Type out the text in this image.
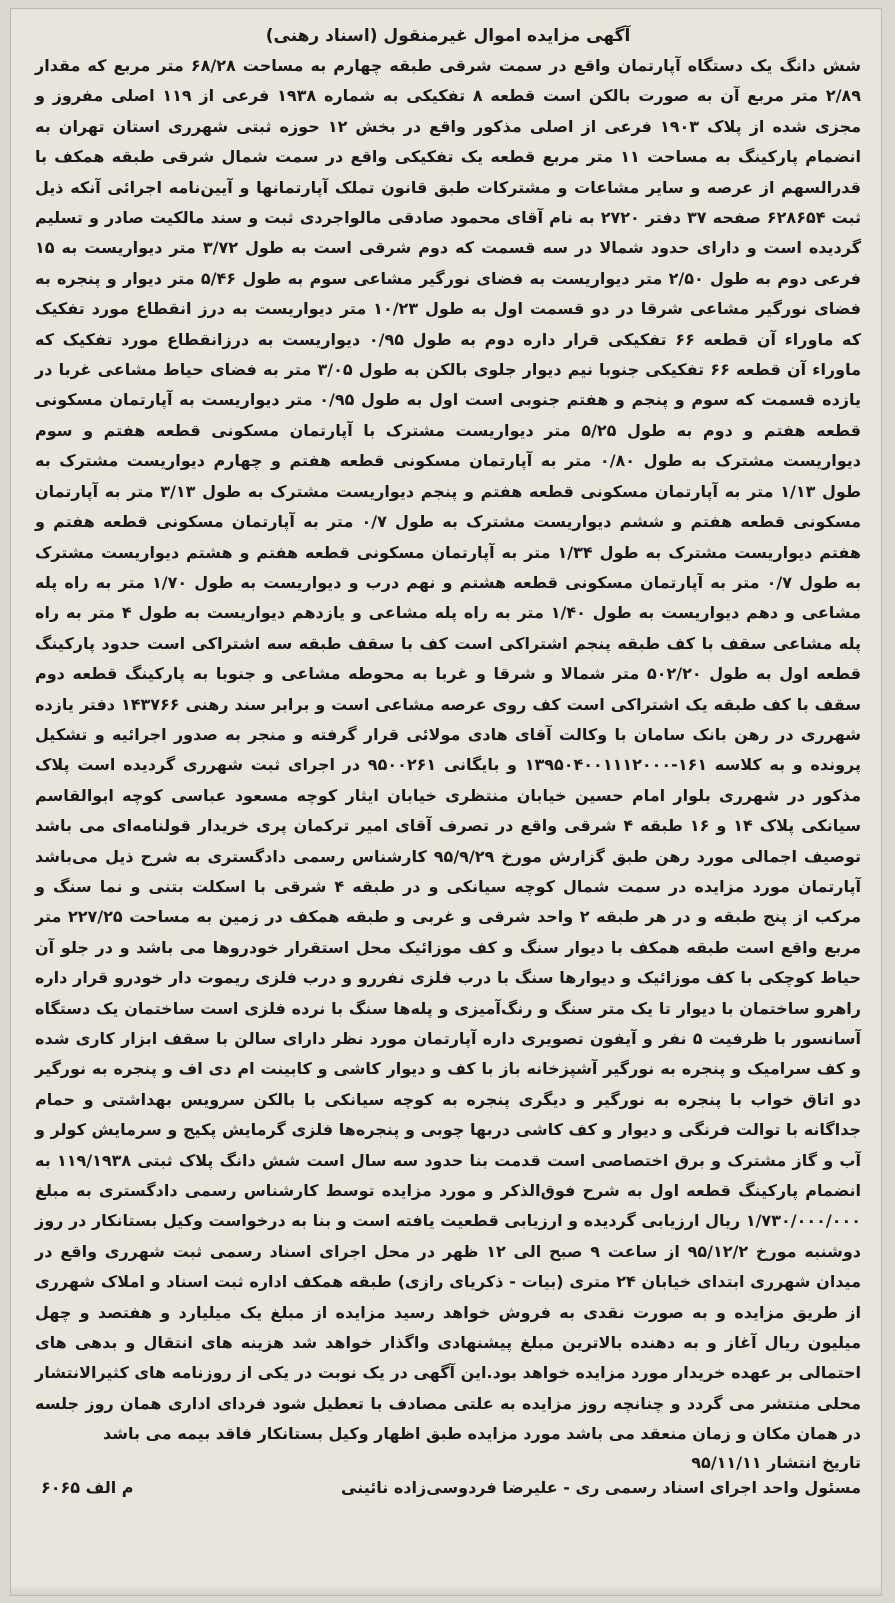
آگهی مزایده اموال غیرمنقول (اسناد رهنی)

شش دانگ یک دستگاه آپارتمان واقع در سمت شرقی طبقه چهارم به مساحت ۶۸/۲۸ متر مربع که مقدار ۲/۸۹ متر مربع آن به صورت بالکن است قطعه ۸ تفکیکی به شماره ۱۹۳۸ فرعی از ۱۱۹ اصلی مفروز و مجزی شده از پلاک ۱۹۰۳ فرعی از اصلی مذکور واقع در بخش ۱۲ حوزه ثبتی شهرری استان تهران به انضمام پارکینگ به مساحت ۱۱ متر مربع قطعه یک تفکیکی واقع در سمت شمال شرقی طبقه همکف با قدرالسهم از عرصه و سایر مشاعات و مشترکات طبق قانون تملک آپارتمانها و آیین‌نامه اجرائی آنکه ذیل ثبت ۶۲۸۶۵۴ صفحه ۳۷ دفتر ۲۷۲۰ به نام آقای محمود صادقی مالواجردی ثبت و سند مالکیت صادر و تسلیم گردیده است و دارای حدود شمالا در سه قسمت که دوم شرقی است به طول ۳/۷۲ متر دیواریست به ۱۵ فرعی دوم به طول ۲/۵۰ متر دیواریست به فضای نورگیر مشاعی سوم به طول ۵/۴۶ متر دیوار و پنجره به فضای نورگیر مشاعی شرقا در دو قسمت اول به طول ۱۰/۲۳ متر دیواریست به درز انقطاع مورد تفکیک که ماوراء آن قطعه ۶۶ تفکیکی قرار داره دوم به طول ۰/۹۵ دیواریست به درزانقطاع مورد تفکیک که ماوراء آن قطعه ۶۶ تفکیکی جنوبا نیم دیوار جلوی بالکن به طول ۳/۰۵ متر به فضای حیاط مشاعی غربا در یازده قسمت که سوم و پنجم و هفتم جنوبی است اول به طول ۰/۹۵ متر دیواریست به آپارتمان مسکونی قطعه هفتم و دوم به طول ۵/۲۵ متر دیواریست مشترک با آپارتمان مسکونی قطعه هفتم و سوم دیواریست مشترک به طول ۰/۸۰ متر به آپارتمان مسکونی قطعه هفتم و چهارم دیواریست مشترک به طول ۱/۱۳ متر به آپارتمان مسکونی قطعه هفتم و پنجم دیواریست مشترک به طول ۳/۱۳ متر به آپارتمان مسکونی قطعه هفتم و ششم دیواریست مشترک به طول ۰/۷ متر به آپارتمان مسکونی قطعه هفتم و هفتم دیواریست مشترک به طول ۱/۳۴ متر به آپارتمان مسکونی قطعه هفتم و هشتم دیواریست مشترک به طول ۰/۷ متر به آپارتمان مسکونی قطعه هشتم و نهم درب و دیواریست به طول ۱/۷۰ متر به راه پله مشاعی و دهم دیواریست به طول ۱/۴۰ متر به راه پله مشاعی و یازدهم دیواریست به طول ۴ متر به راه پله مشاعی سقف با کف طبقه پنجم اشتراکی است کف با سقف طبقه سه اشتراکی است حدود پارکینگ قطعه اول به طول ۵۰۲/۲۰ متر شمالا و شرقا و غربا به محوطه مشاعی و جنوبا به پارکینگ قطعه دوم سقف با کف طبقه یک اشتراکی است کف روی عرصه مشاعی است و برابر سند رهنی ۱۴۳۷۶۶ دفتر یازده شهرری در رهن بانک سامان با وکالت آقای هادی مولائی قرار گرفته و منجر به صدور اجرائیه و تشکیل پرونده و به کلاسه ۱۶۱-۱۳۹۵۰۴۰۰۱۱۱۲۰۰۰ و بایگانی ۹۵۰۰۲۶۱ در اجرای ثبت شهرری گردیده است پلاک مذکور در شهرری بلوار امام حسین خیابان منتظری خیابان ایثار کوچه مسعود عباسی کوچه ابوالقاسم سیانکی پلاک ۱۴ و ۱۶ طبقه ۴ شرقی واقع در تصرف آقای امیر ترکمان پری خریدار قولنامه‌ای می باشد توصیف اجمالی مورد رهن طبق گزارش مورخ ۹۵/۹/۲۹ کارشناس رسمی دادگستری به شرح ذیل می‌باشد آپارتمان مورد مزایده در سمت شمال کوچه سیانکی و در طبقه ۴ شرقی با اسکلت بتنی و نما سنگ و مرکب از پنج طبقه و در هر طبقه ۲ واحد شرقی و غربی و طبقه همکف در زمین به مساحت ۲۲۷/۲۵ متر مربع واقع است طبقه همکف با دیوار سنگ و کف موزائیک محل استقرار خودروها می باشد و در جلو آن حیاط کوچکی با کف موزائیک و دیوارها سنگ با درب فلزی نفررو و درب فلزی ریموت دار خودرو قرار داره راهرو ساختمان با دیوار تا یک متر سنگ و رنگ‌آمیزی و پله‌ها سنگ با نرده فلزی است ساختمان یک دستگاه آسانسور با ظرفیت ۵ نفر و آیفون تصویری داره آپارتمان مورد نظر دارای سالن با سقف ابزار کاری شده و کف سرامیک و پنجره به نورگیر آشپزخانه باز با کف و دیوار کاشی و کابینت ام دی اف و پنجره به نورگیر دو اتاق خواب با پنجره به نورگیر و دیگری پنجره به کوچه سیانکی با بالکن سرویس بهداشتی و حمام جداگانه با توالت فرنگی و دیوار و کف کاشی دربها چوبی و پنجره‌ها فلزی گرمایش پکیج و سرمایش کولر و آب و گاز مشترک و برق اختصاصی است قدمت بنا حدود سه سال است شش دانگ پلاک ثبتی ۱۱۹/۱۹۳۸ به انضمام پارکینگ قطعه اول به شرح فوق‌الذکر و مورد مزایده توسط کارشناس رسمی دادگستری به مبلغ ۱/۷۳۰/۰۰۰/۰۰۰ ریال ارزیابی گردیده و ارزیابی قطعیت یافته است و بنا به درخواست وکیل بستانکار در روز دوشنبه مورخ ۹۵/۱۲/۲ از ساعت ۹ صبح الی ۱۲ ظهر در محل اجرای اسناد رسمی ثبت شهرری واقع در میدان شهرری ابتدای خیابان ۲۴ متری (بیات - ذکریای رازی) طبقه همکف اداره ثبت اسناد و املاک شهرری از طریق مزایده و به صورت نقدی به فروش خواهد رسید مزایده از مبلغ یک میلیارد و هفتصد و چهل میلیون ریال آغاز و به دهنده بالاترین مبلغ پیشنهادی واگذار خواهد شد هزینه های انتقال و بدهی های احتمالی بر عهده خریدار مورد مزایده خواهد بود.این آگهی در یک نوبت در یکی از روزنامه های کثیرالانتشار محلی منتشر می گردد و چنانچه روز مزایده به علتی مصادف با تعطیل شود فردای اداری همان روز جلسه در همان مکان و زمان منعقد می باشد مورد مزایده طبق اظهار وکیل بستانکار فاقد بیمه می باشد

تاریخ انتشار ۹۵/۱۱/۱۱
مسئول واحد اجرای اسناد رسمی ری - علیرضا فردوسی‌زاده نائینی
م الف ۶۰۶۵
